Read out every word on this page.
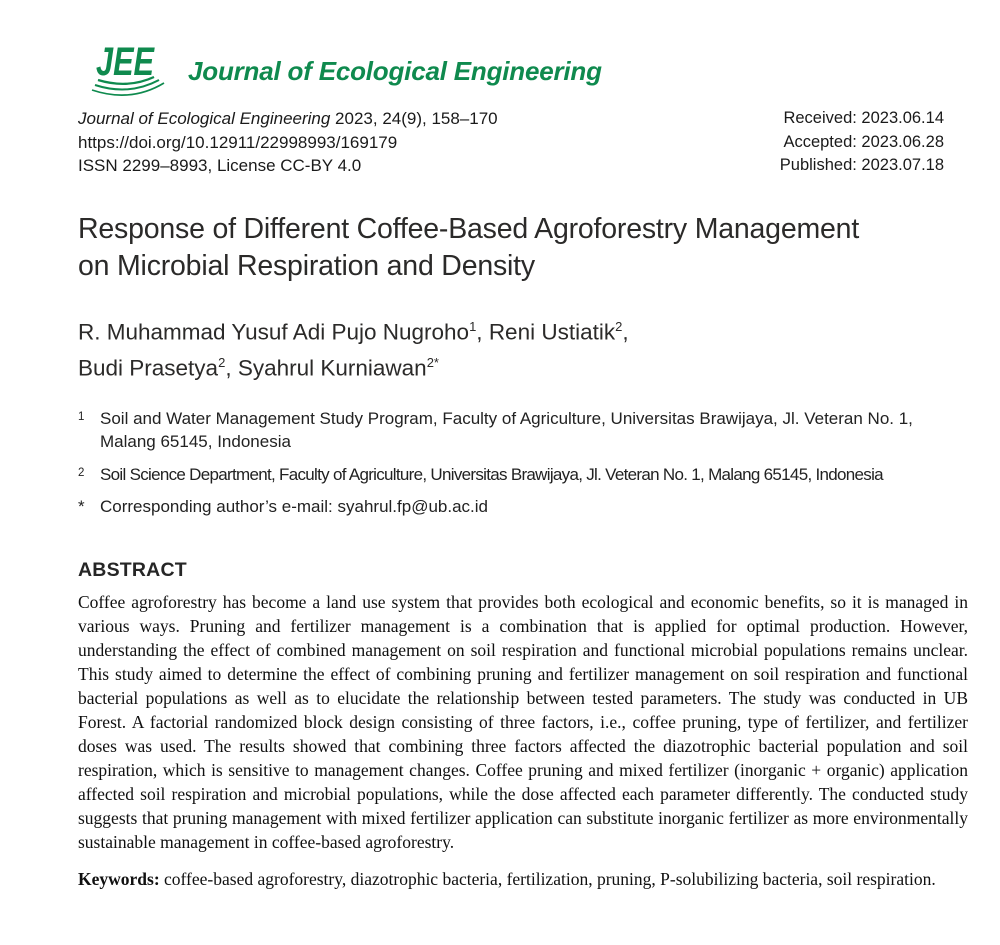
JEE Journal of Ecological Engineering
Journal of Ecological Engineering 2023, 24(9), 158–170
https://doi.org/10.12911/22998993/169179
ISSN 2299–8993, License CC-BY 4.0
Received: 2023.06.14
Accepted: 2023.06.28
Published: 2023.07.18
Response of Different Coffee-Based Agroforestry Management
on Microbial Respiration and Density
R. Muhammad Yusuf Adi Pujo Nugroho$^1$, Reni Ustiatik$^2$,
Budi Prasetya$^2$, Syahrul Kurniawan$^{2*}$
1 Soil and Water Management Study Program, Faculty of Agriculture, Universitas Brawijaya, Jl. Veteran No. 1, Malang 65145, Indonesia
2 Soil Science Department, Faculty of Agriculture, Universitas Brawijaya, Jl. Veteran No. 1, Malang 65145, Indonesia
* Corresponding author’s e-mail: syahrul.fp@ub.ac.id
ABSTRACT

Coffee agroforestry has become a land use system that provides both ecological and economic benefits, so it is managed in various ways. Pruning and fertilizer management is a combination that is applied for optimal production. However, understanding the effect of combined management on soil respiration and functional microbial populations remains unclear. This study aimed to determine the effect of combining pruning and fertilizer management on soil respiration and functional bacterial populations as well as to elucidate the relationship between tested parameters. The study was conducted in UB Forest. A factorial randomized block design consisting of three factors, i.e., coffee pruning, type of fertilizer, and fertilizer doses was used. The results showed that combining three factors affected the diazotrophic bacterial population and soil respiration, which is sensitive to management changes. Coffee pruning and mixed fertilizer (inorganic + organic) application affected soil respiration and microbial populations, while the dose affected each parameter differently. The conducted study suggests that pruning management with mixed fertilizer application can substitute inorganic fertilizer as more environmentally sustainable management in coffee-based agroforestry.

Keywords: coffee-based agroforestry, diazotrophic bacteria, fertilization, pruning, P-solubilizing bacteria, soil respiration.
